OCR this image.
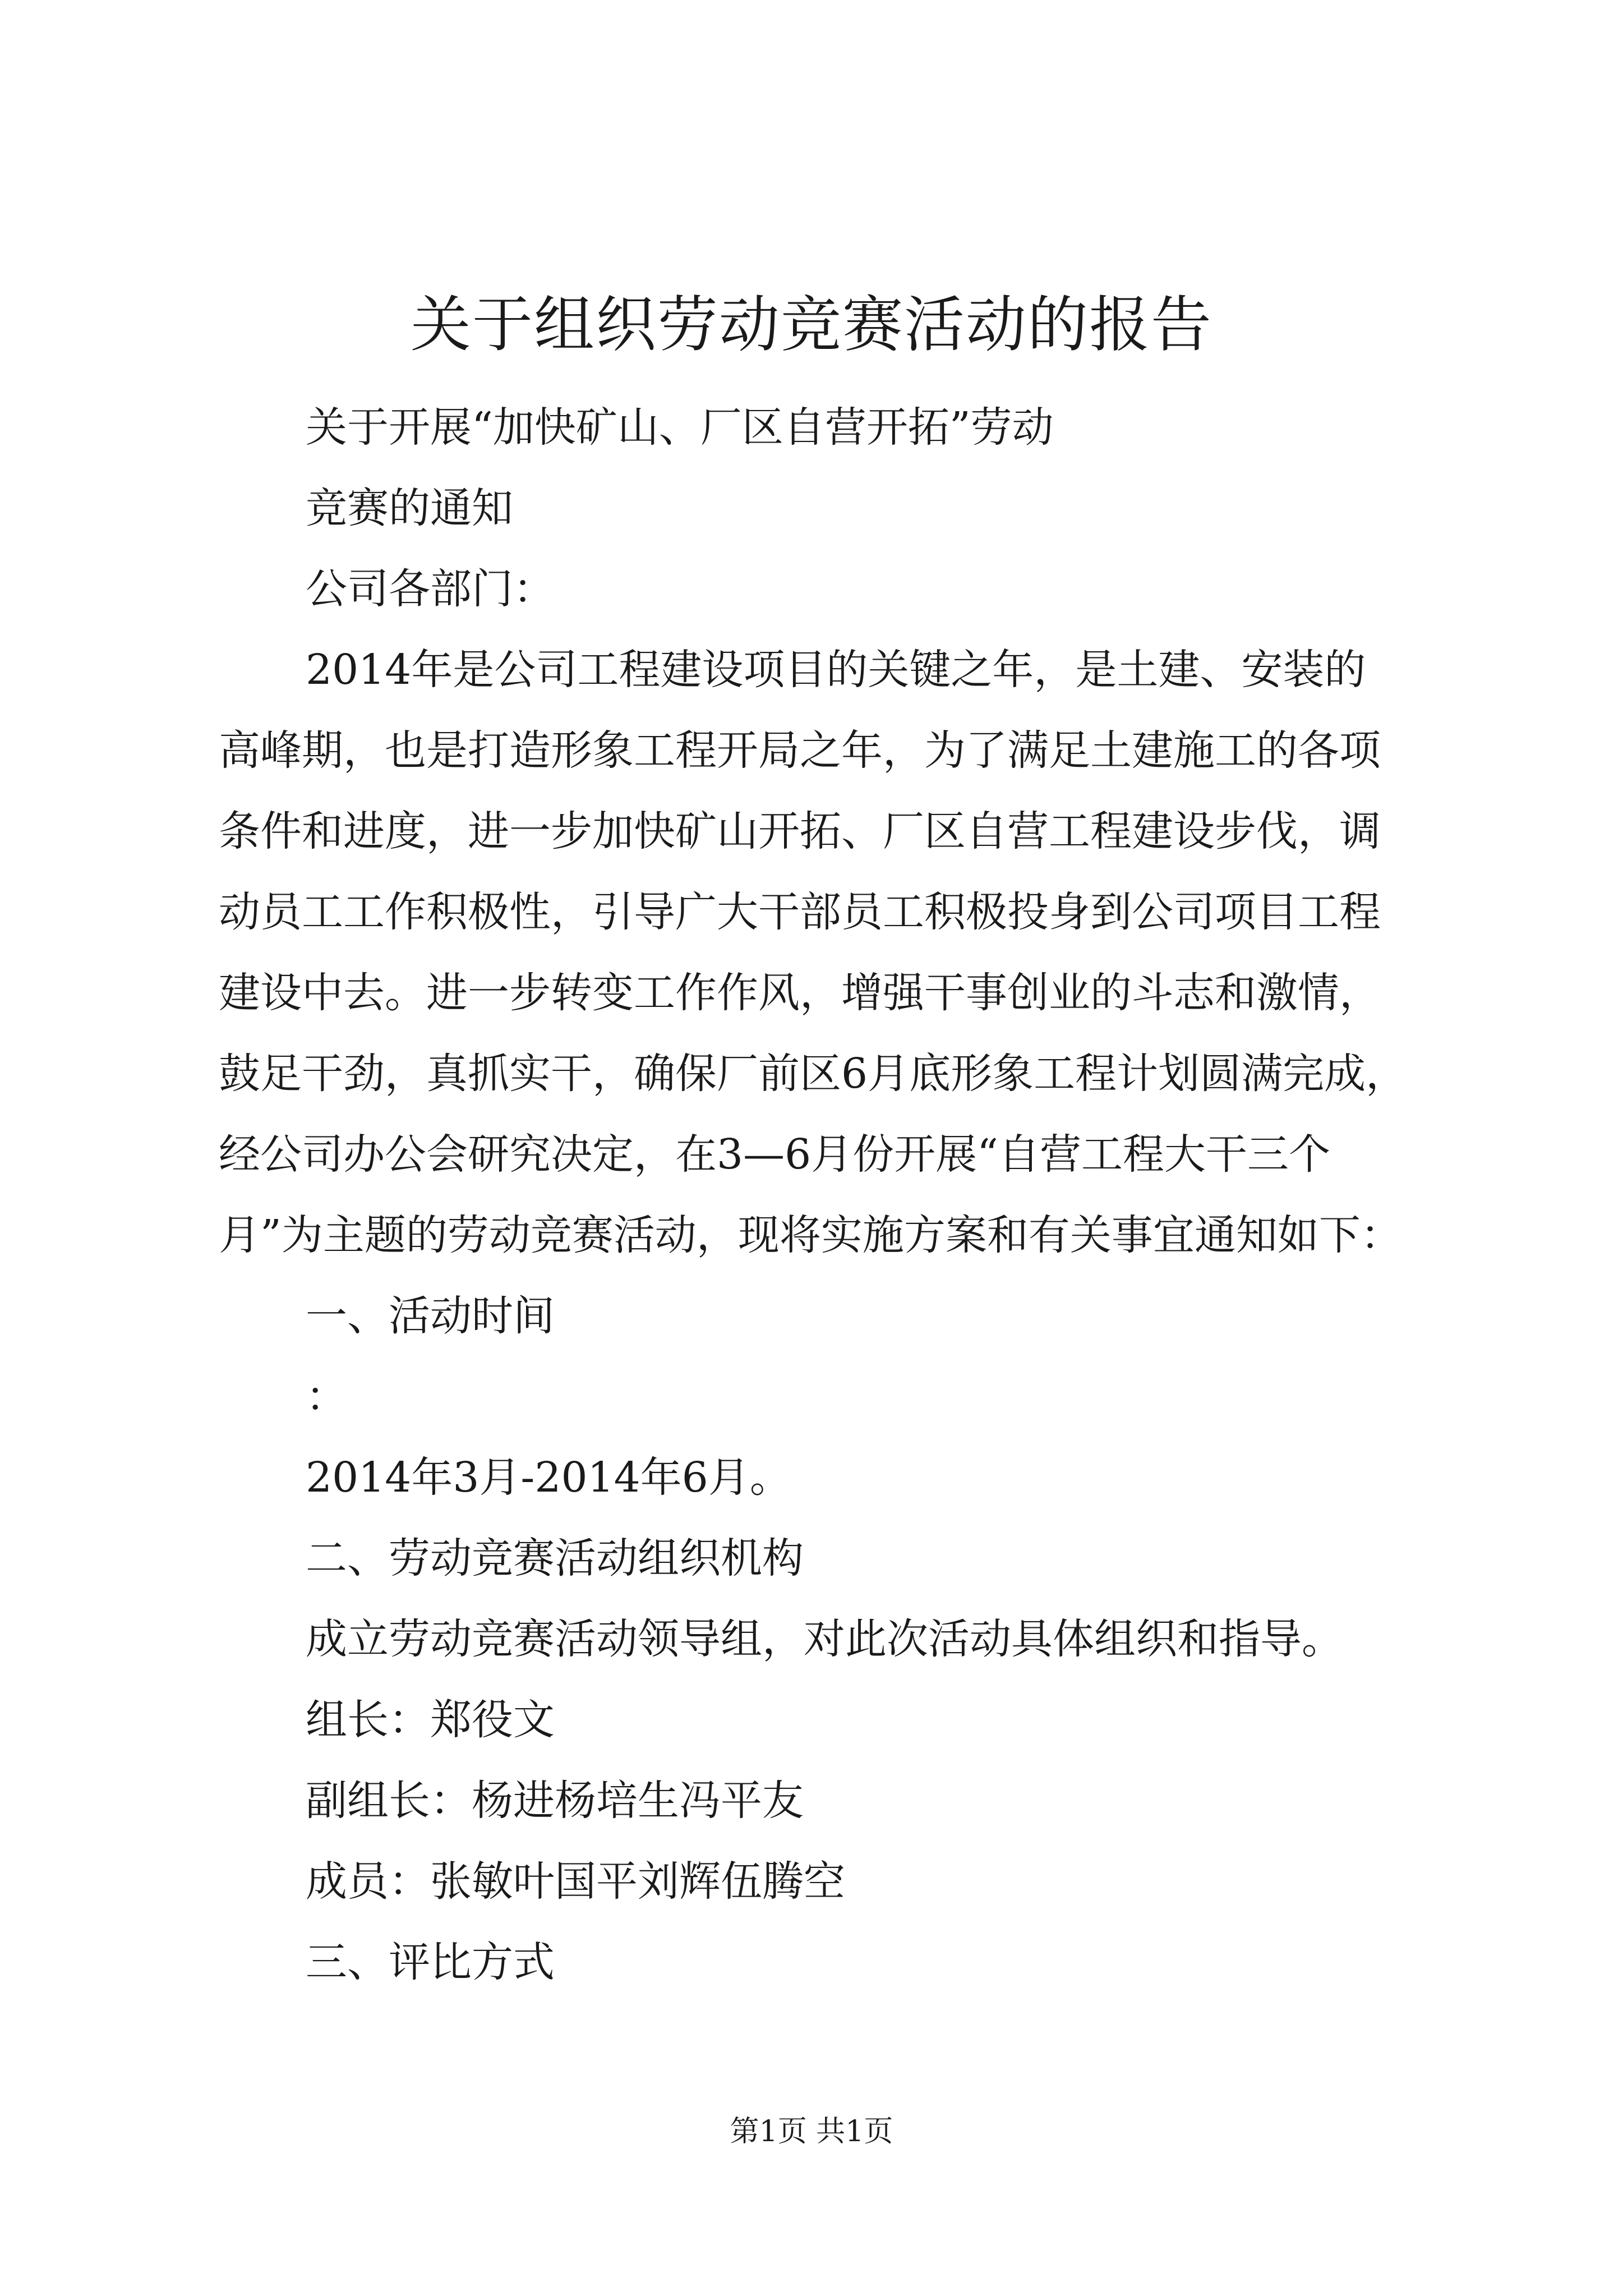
关于组织劳动竞赛活动的报告

关于开展“加快矿山、厂区自营开拓”劳动

竞赛的通知

公司各部门：

2014年是公司工程建设项目的关键之年，是土建、安装的

高峰期，也是打造形象工程开局之年，为了满足土建施工的各项

条件和进度，进一步加快矿山开拓、厂区自营工程建设步伐，调

动员工工作积极性，引导广大干部员工积极投身到公司项目工程

建设中去。进一步转变工作作风，增强干事创业的斗志和激情，

鼓足干劲，真抓实干，确保厂前区6月底形象工程计划圆满完成，

经公司办公会研究决定，在3—6月份开展“自营工程大干三个

月”为主题的劳动竞赛活动，现将实施方案和有关事宜通知如下：

一、活动时间

：

2014年3月-2014年6月。

二、劳动竞赛活动组织机构

成立劳动竞赛活动领导组，对此次活动具体组织和指导。

组长：郑役文

副组长：杨进杨培生冯平友

成员：张敏叶国平刘辉伍腾空

三、评比方式

第1页 共1页
